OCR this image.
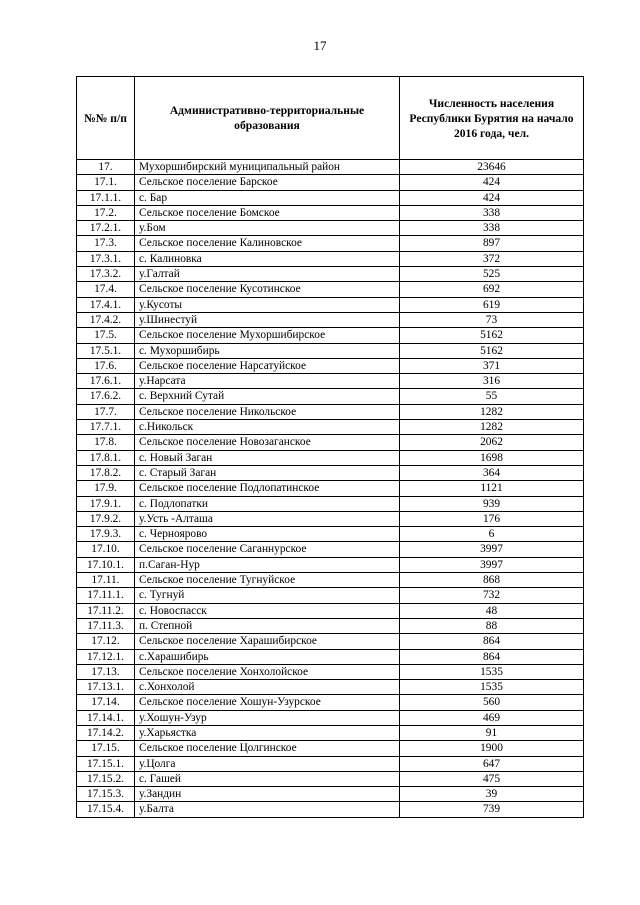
17
№№ п/п	Административно-территориальные образования	Численность населения Республики Бурятия на начало 2016 года, чел.
17.	Мухоршибирский муниципальный район	23646
17.1.	Сельское поселение Барское	424
17.1.1.	с. Бар	424
17.2.	Сельское поселение Бомское	338
17.2.1.	у.Бом	338
17.3.	Сельское поселение Калиновское	897
17.3.1.	с. Калиновка	372
17.3.2.	у.Галтай	525
17.4.	Сельское поселение Кусотинское	692
17.4.1.	у.Кусоты	619
17.4.2.	у.Шинестуй	73
17.5.	Сельское поселение Мухоршибирское	5162
17.5.1.	с. Мухоршибирь	5162
17.6.	Сельское поселение Нарсатуйское	371
17.6.1.	у.Нарсата	316
17.6.2.	с. Верхний Сутай	55
17.7.	Сельское поселение Никольское	1282
17.7.1.	с.Никольск	1282
17.8.	Сельское поселение Новозаганское	2062
17.8.1.	с. Новый Заган	1698
17.8.2.	с. Старый Заган	364
17.9.	Сельское поселение Подлопатинское	1121
17.9.1.	с. Подлопатки	939
17.9.2.	у.Усть -Алташа	176
17.9.3.	с. Черноярово	6
17.10.	Сельское поселение Саганнурское	3997
17.10.1.	п.Саган-Нур	3997
17.11.	Сельское поселение Тугнуйское	868
17.11.1.	с. Тугнуй	732
17.11.2.	с. Новоспасск	48
17.11.3.	п. Степной	88
17.12.	Сельское поселение Харашибирское	864
17.12.1.	с.Харашибирь	864
17.13.	Сельское поселение Хонхолойское	1535
17.13.1.	с.Хонхолой	1535
17.14.	Сельское поселение Хошун-Узурское	560
17.14.1.	у.Хошун-Узур	469
17.14.2.	у.Харьястка	91
17.15.	Сельское поселение Цолгинское	1900
17.15.1.	у.Цолга	647
17.15.2.	с. Гашей	475
17.15.3.	у.Зандин	39
17.15.4.	у.Балта	739
